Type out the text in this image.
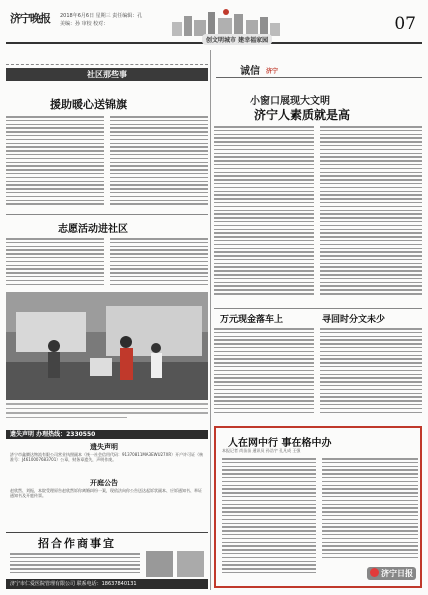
济宁晚报	2018年6月6日 星期三 责任编辑：孔
美编：孙 审校 校对：
创文明城市 建幸福家园
07
社区那些事
援助暖心送锦旗
志愿活动进社区
遗失声明 办理热线：2330550
遗失声明
济宁市鑫腾达物流有限公司营业执照副本（统一社会信用代码：91370811MA3EWU27XR）开户许可证（核准号：J4610007683701）公章，财务章遗失，声明作废。
开庭公告
赵欣然、刘振，本院受理原告赵欣然诉你离婚纠纷一案，现依法向你公告送达起诉状副本、应诉通知书、举证通知书及开庭传票。
招合作商事宜
济宁市仁爱医院管理有限公司 联系电话：18637840131
诚信 济宁
小窗口展现大文明
济宁人素质就是高
万元现金落车上	寻回时分文未少
人在网中行 事在格中办
本报记者 尚苗苗 通讯员 孙浩宇 孔凡成 王强
济宁日报
